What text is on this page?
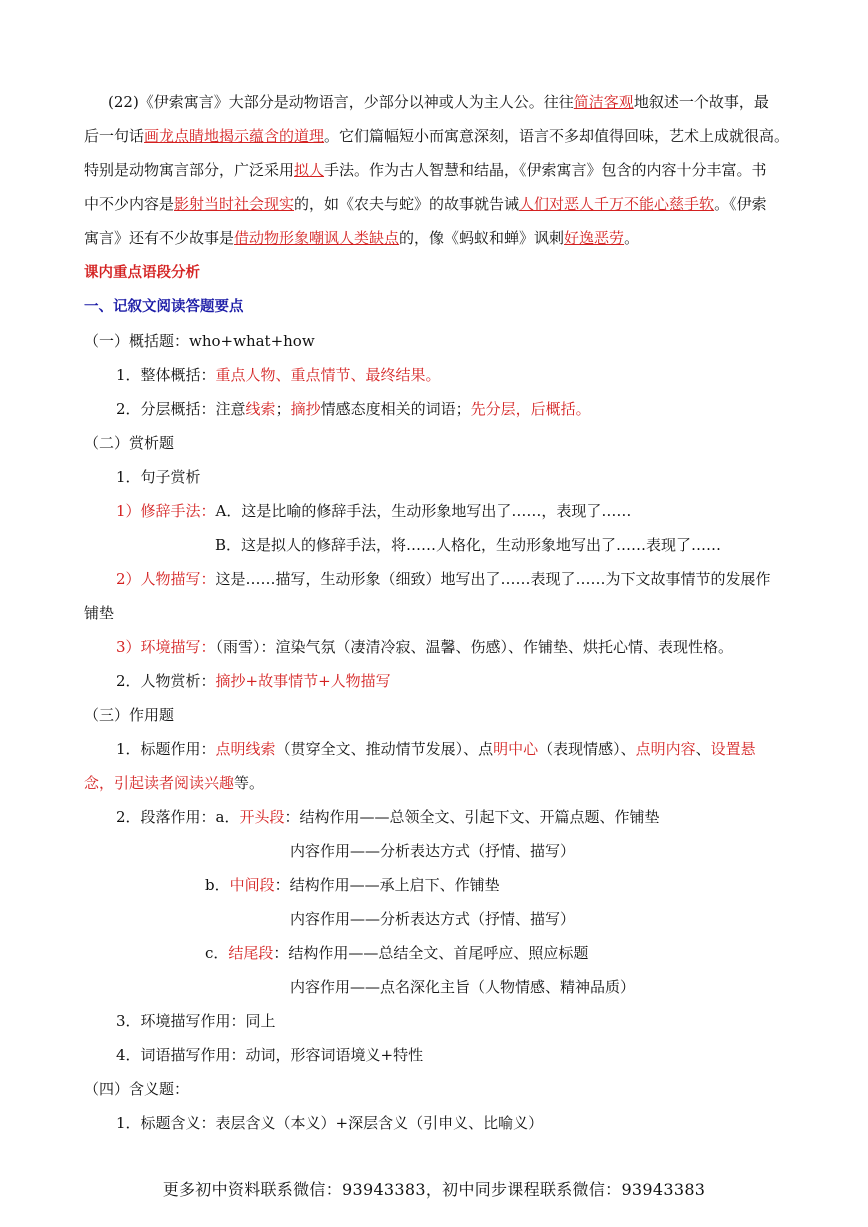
(22)《伊索寓言》大部分是动物语言，少部分以神或人为主人公。往往简洁客观地叙述一个故事，最
后一句话画龙点睛地揭示蕴含的道理。它们篇幅短小而寓意深刻，语言不多却值得回味，艺术上成就很高。
特别是动物寓言部分，广泛采用拟人手法。作为古人智慧和结晶，《伊索寓言》包含的内容十分丰富。书
中不少内容是影射当时社会现实的，如《农夫与蛇》的故事就告诫人们对恶人千万不能心慈手软。《伊索
寓言》还有不少故事是借动物形象嘲讽人类缺点的，像《蚂蚁和蝉》讽刺好逸恶劳。
课内重点语段分析
一、记叙文阅读答题要点
（一）概括题：who+what+how
1．整体概括：重点人物、重点情节、最终结果。
2．分层概括：注意线索；摘抄情感态度相关的词语；先分层，后概括。
（二）赏析题
1．句子赏析
1）修辞手法：A．这是比喻的修辞手法，生动形象地写出了……，表现了……
B．这是拟人的修辞手法，将……人格化，生动形象地写出了……表现了……
2）人物描写：这是……描写，生动形象（细致）地写出了……表现了……为下文故事情节的发展作
铺垫
3）环境描写：（雨雪）：渲染气氛（凄清冷寂、温馨、伤感）、作铺垫、烘托心情、表现性格。
2．人物赏析：摘抄+故事情节+人物描写
（三）作用题
1．标题作用：点明线索（贯穿全文、推动情节发展）、点明中心（表现情感）、点明内容、设置悬
念，引起读者阅读兴趣等。
2．段落作用：a．开头段：结构作用——总领全文、引起下文、开篇点题、作铺垫
内容作用——分析表达方式（抒情、描写）
b．中间段：结构作用——承上启下、作铺垫
内容作用——分析表达方式（抒情、描写）
c．结尾段：结构作用——总结全文、首尾呼应、照应标题
内容作用——点名深化主旨（人物情感、精神品质）
3．环境描写作用：同上
4．词语描写作用：动词，形容词语境义+特性
（四）含义题：
1．标题含义：表层含义（本义）+深层含义（引申义、比喻义）
更多初中资料联系微信：93943383，初中同步课程联系微信：93943383
